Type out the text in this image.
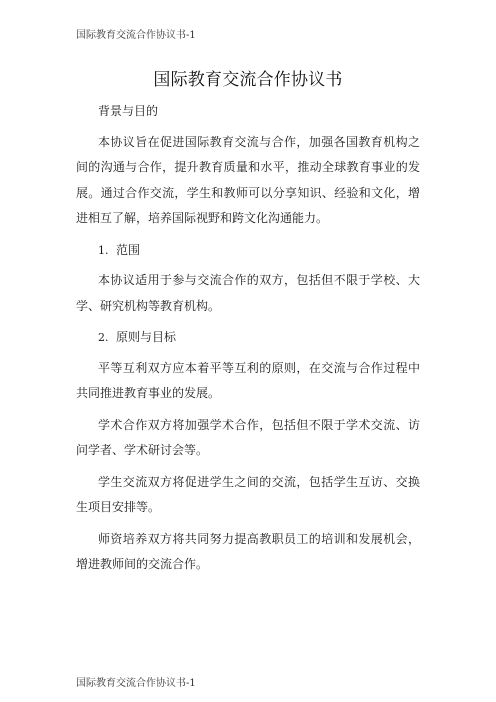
国际教育交流合作协议书-1
国际教育交流合作协议书

背景与目的

本协议旨在促进国际教育交流与合作，加强各国教育机构之间的沟通与合作，提升教育质量和水平，推动全球教育事业的发展。通过合作交流，学生和教师可以分享知识、经验和文化，增进相互了解，培养国际视野和跨文化沟通能力。

1. 范围

本协议适用于参与交流合作的双方，包括但不限于学校、大学、研究机构等教育机构。

2. 原则与目标

平等互利双方应本着平等互利的原则，在交流与合作过程中共同推进教育事业的发展。

学术合作双方将加强学术合作，包括但不限于学术交流、访问学者、学术研讨会等。

学生交流双方将促进学生之间的交流，包括学生互访、交换生项目安排等。

师资培养双方将共同努力提高教职员工的培训和发展机会，增进教师间的交流合作。

国际教育交流合作协议书-1
